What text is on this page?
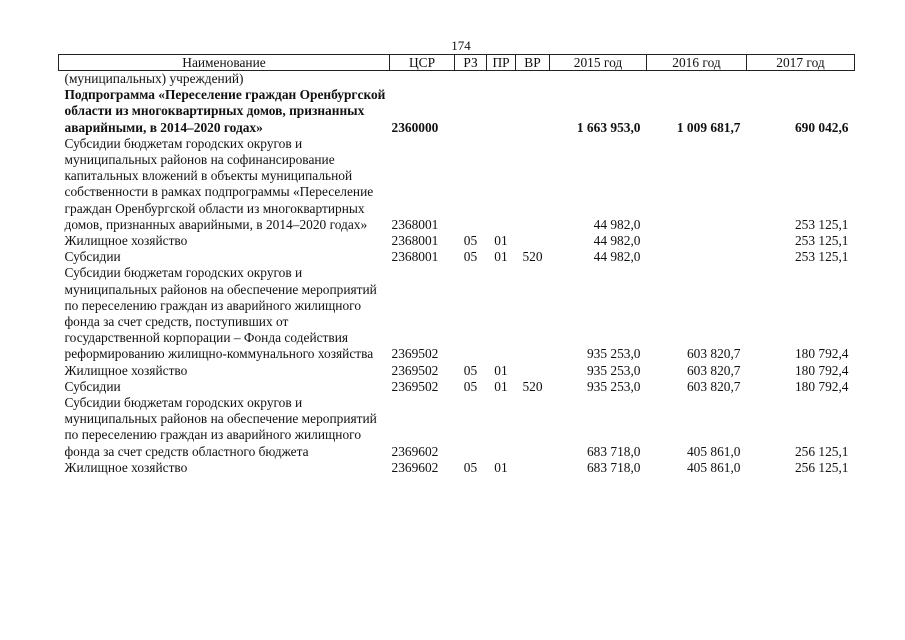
174
Наименование	ЦСР	РЗ	ПР	ВР	2015 год	2016 год	2017 год
(муниципальных) учреждений)							
Подпрограмма «Переселение граждан Оренбургской области из многоквартирных домов, признанных аварийными, в 2014–2020 годах»	2360000				1 663 953,0	1 009 681,7	690 042,6
Субсидии бюджетам городских округов и муниципальных районов на софинансирование капитальных вложений в объекты муниципальной собственности в рамках подпрограммы «Переселение граждан Оренбургской области из многоквартирных домов, признанных аварийными, в 2014–2020 годах»	2368001				44 982,0		253 125,1
Жилищное хозяйство	2368001	05	01		44 982,0		253 125,1
Субсидии	2368001	05	01	520	44 982,0		253 125,1
Субсидии бюджетам городских округов и муниципальных районов на обеспечение мероприятий по переселению граждан из аварийного жилищного фонда за счет средств, поступивших от государственной корпорации – Фонда содействия реформированию жилищно-коммунального хозяйства	2369502				935 253,0	603 820,7	180 792,4
Жилищное хозяйство	2369502	05	01		935 253,0	603 820,7	180 792,4
Субсидии	2369502	05	01	520	935 253,0	603 820,7	180 792,4
Субсидии бюджетам городских округов и муниципальных районов на обеспечение мероприятий по переселению граждан из аварийного жилищного фонда за счет средств областного бюджета	2369602				683 718,0	405 861,0	256 125,1
Жилищное хозяйство	2369602	05	01		683 718,0	405 861,0	256 125,1
